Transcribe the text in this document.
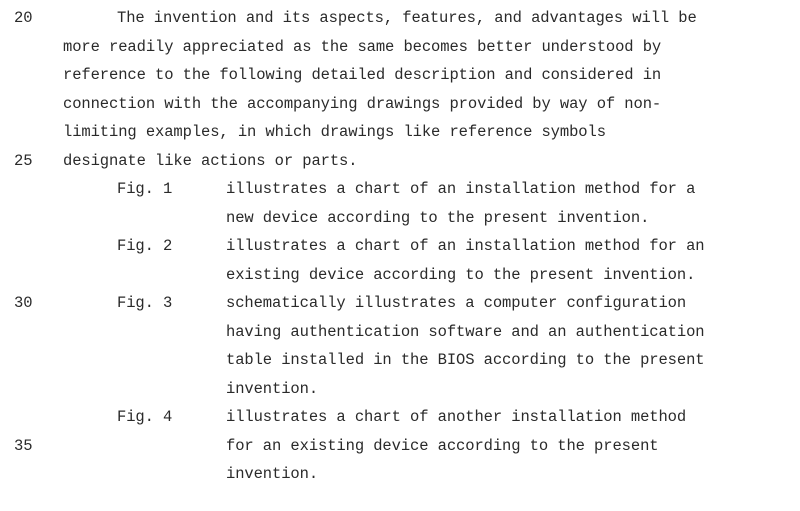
20
25
30
35
The invention and its aspects, features, and advantages will be
more readily appreciated as the same becomes better understood by
reference to the following detailed description and considered in
connection with the accompanying drawings provided by way of non-
limiting examples, in which drawings like reference symbols
designate like actions or parts.
Fig. 1	illustrates a chart of an installation method for a
new device according to the present invention.
Fig. 2	illustrates a chart of an installation method for an
existing device according to the present invention.
Fig. 3	schematically illustrates a computer configuration
having authentication software and an authentication
table installed in the BIOS according to the present
invention.
Fig. 4	illustrates a chart of another installation method
for an existing device according to the present
invention.
